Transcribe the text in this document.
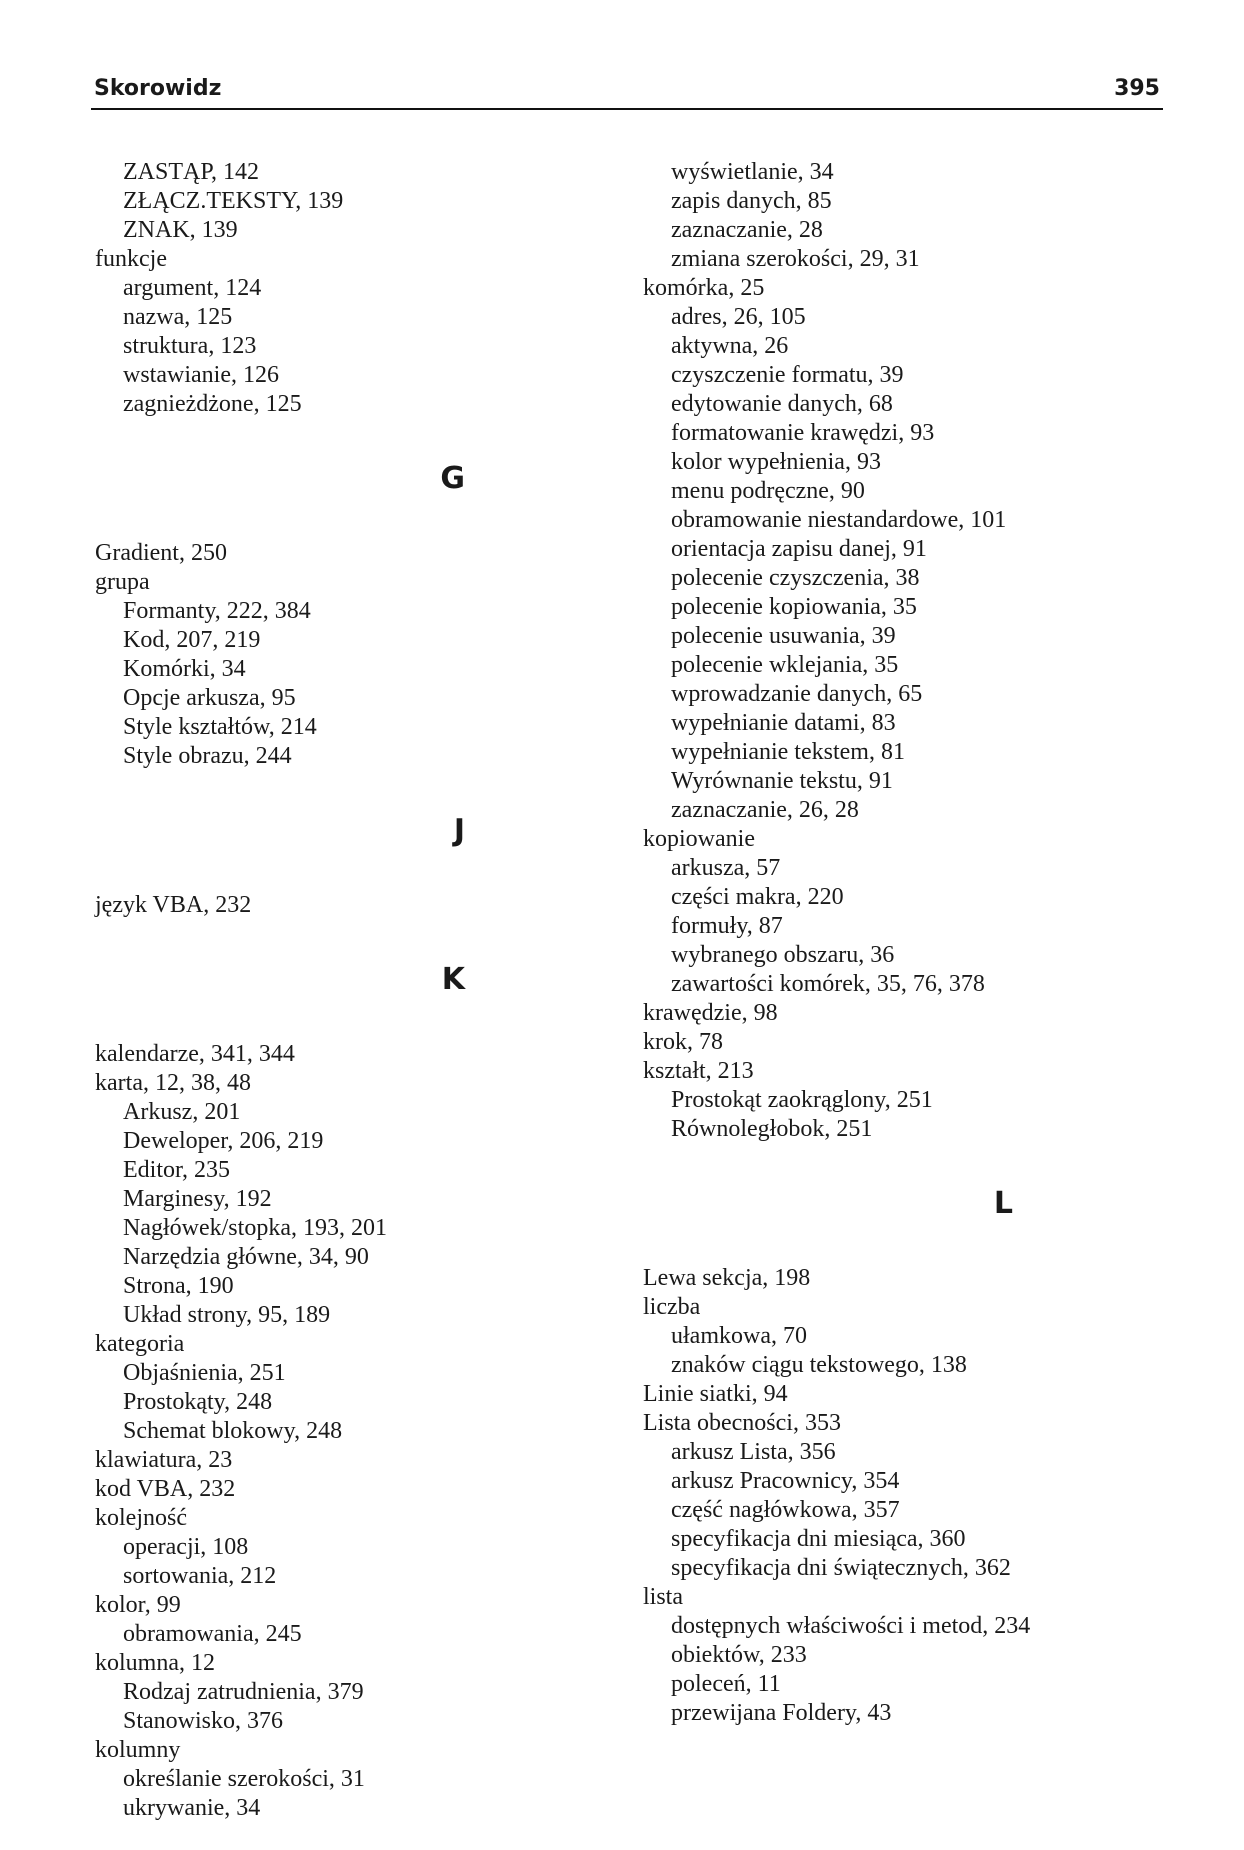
Skorowidz	395
ZASTĄP, 142
ZŁĄCZ.TEKSTY, 139
ZNAK, 139
funkcje
argument, 124
nazwa, 125
struktura, 123
wstawianie, 126
zagnieżdżone, 125
G
Gradient, 250
grupa
Formanty, 222, 384
Kod, 207, 219
Komórki, 34
Opcje arkusza, 95
Style kształtów, 214
Style obrazu, 244
J
język VBA, 232
K
kalendarze, 341, 344
karta, 12, 38, 48
Arkusz, 201
Deweloper, 206, 219
Editor, 235
Marginesy, 192
Nagłówek/stopka, 193, 201
Narzędzia główne, 34, 90
Strona, 190
Układ strony, 95, 189
kategoria
Objaśnienia, 251
Prostokąty, 248
Schemat blokowy, 248
klawiatura, 23
kod VBA, 232
kolejność
operacji, 108
sortowania, 212
kolor, 99
obramowania, 245
kolumna, 12
Rodzaj zatrudnienia, 379
Stanowisko, 376
kolumny
określanie szerokości, 31
ukrywanie, 34
wyświetlanie, 34
zapis danych, 85
zaznaczanie, 28
zmiana szerokości, 29, 31
komórka, 25
adres, 26, 105
aktywna, 26
czyszczenie formatu, 39
edytowanie danych, 68
formatowanie krawędzi, 93
kolor wypełnienia, 93
menu podręczne, 90
obramowanie niestandardowe, 101
orientacja zapisu danej, 91
polecenie czyszczenia, 38
polecenie kopiowania, 35
polecenie usuwania, 39
polecenie wklejania, 35
wprowadzanie danych, 65
wypełnianie datami, 83
wypełnianie tekstem, 81
Wyrównanie tekstu, 91
zaznaczanie, 26, 28
kopiowanie
arkusza, 57
części makra, 220
formuły, 87
wybranego obszaru, 36
zawartości komórek, 35, 76, 378
krawędzie, 98
krok, 78
kształt, 213
Prostokąt zaokrąglony, 251
Równoległobok, 251
L
Lewa sekcja, 198
liczba
ułamkowa, 70
znaków ciągu tekstowego, 138
Linie siatki, 94
Lista obecności, 353
arkusz Lista, 356
arkusz Pracownicy, 354
część nagłówkowa, 357
specyfikacja dni miesiąca, 360
specyfikacja dni świątecznych, 362
lista
dostępnych właściwości i metod, 234
obiektów, 233
poleceń, 11
przewijana Foldery, 43
